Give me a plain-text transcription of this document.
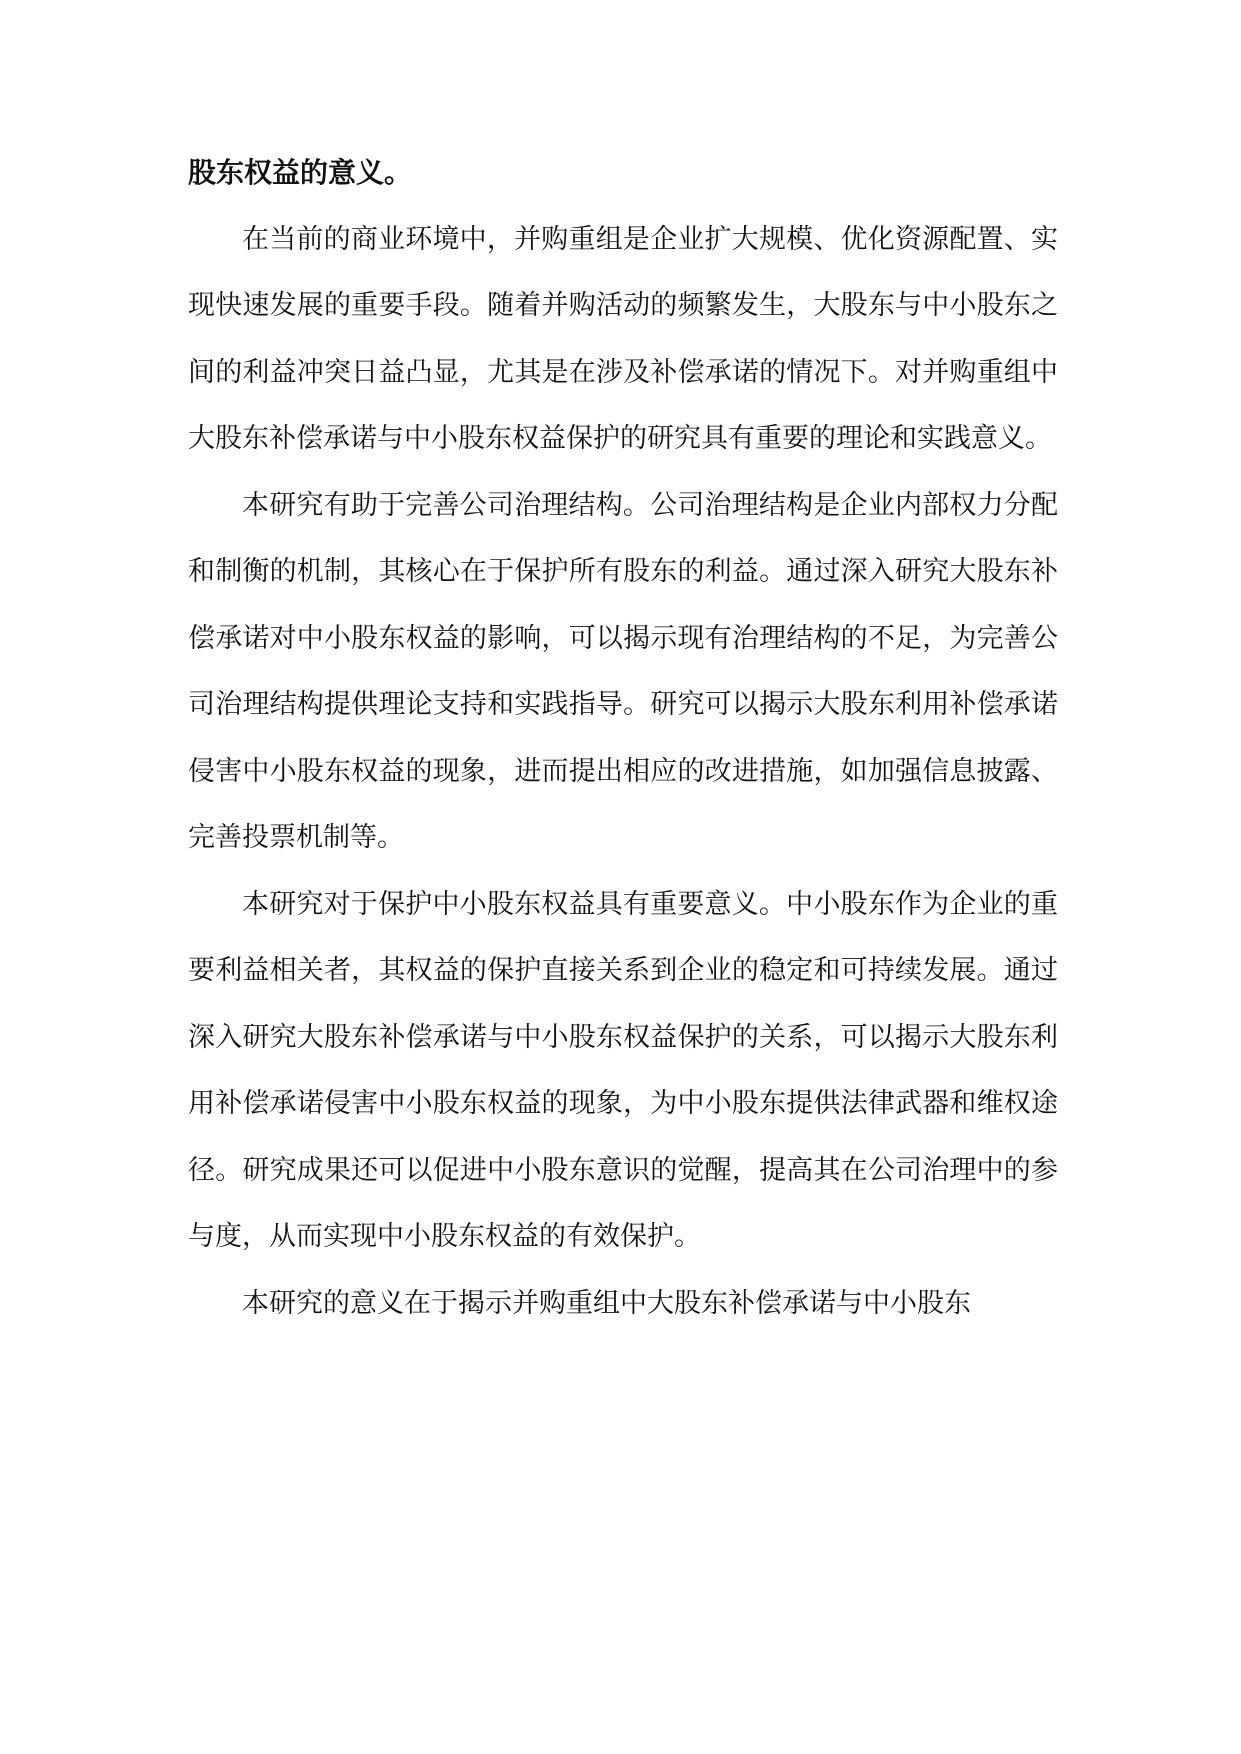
股东权益的意义。

在当前的商业环境中，并购重组是企业扩大规模、优化资源配置、实现快速发展的重要手段。随着并购活动的频繁发生，大股东与中小股东之间的利益冲突日益凸显，尤其是在涉及补偿承诺的情况下。对并购重组中大股东补偿承诺与中小股东权益保护的研究具有重要的理论和实践意义。

本研究有助于完善公司治理结构。公司治理结构是企业内部权力分配和制衡的机制，其核心在于保护所有股东的利益。通过深入研究大股东补偿承诺对中小股东权益的影响，可以揭示现有治理结构的不足，为完善公司治理结构提供理论支持和实践指导。研究可以揭示大股东利用补偿承诺侵害中小股东权益的现象，进而提出相应的改进措施，如加强信息披露、完善投票机制等。

本研究对于保护中小股东权益具有重要意义。中小股东作为企业的重要利益相关者，其权益的保护直接关系到企业的稳定和可持续发展。通过深入研究大股东补偿承诺与中小股东权益保护的关系，可以揭示大股东利用补偿承诺侵害中小股东权益的现象，为中小股东提供法律武器和维权途径。研究成果还可以促进中小股东意识的觉醒，提高其在公司治理中的参与度，从而实现中小股东权益的有效保护。

本研究的意义在于揭示并购重组中大股东补偿承诺与中小股东
